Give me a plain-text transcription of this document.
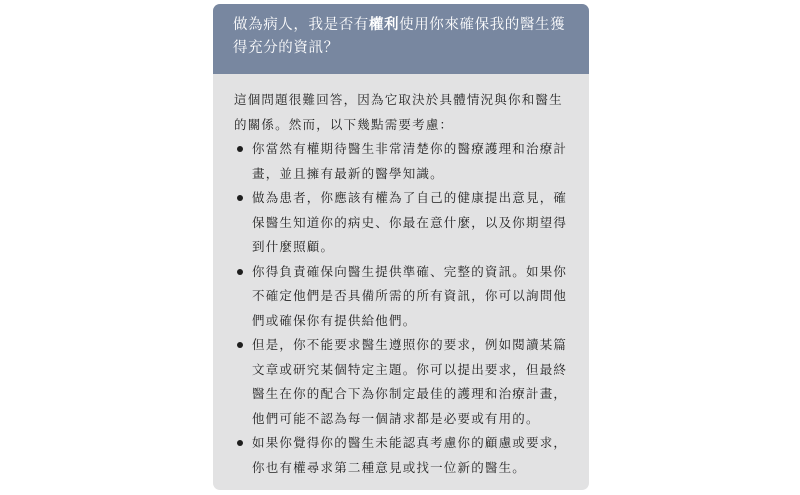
做為病人，我是否有權利使用你來確保我的醫生獲得充分的資訊？

這個問題很難回答，因為它取決於具體情況與你和醫生的關係。然而，以下幾點需要考慮：

你當然有權期待醫生非常清楚你的醫療護理和治療計畫，並且擁有最新的醫學知識。
做為患者，你應該有權為了自己的健康提出意見，確保醫生知道你的病史、你最在意什麼，以及你期望得到什麼照顧。
你得負責確保向醫生提供準確、完整的資訊。如果你不確定他們是否具備所需的所有資訊，你可以詢問他們或確保你有提供給他們。
但是，你不能要求醫生遵照你的要求，例如閱讀某篇文章或研究某個特定主題。你可以提出要求，但最終醫生在你的配合下為你制定最佳的護理和治療計畫，他們可能不認為每一個請求都是必要或有用的。
如果你覺得你的醫生未能認真考慮你的顧慮或要求，你也有權尋求第二種意見或找一位新的醫生。
